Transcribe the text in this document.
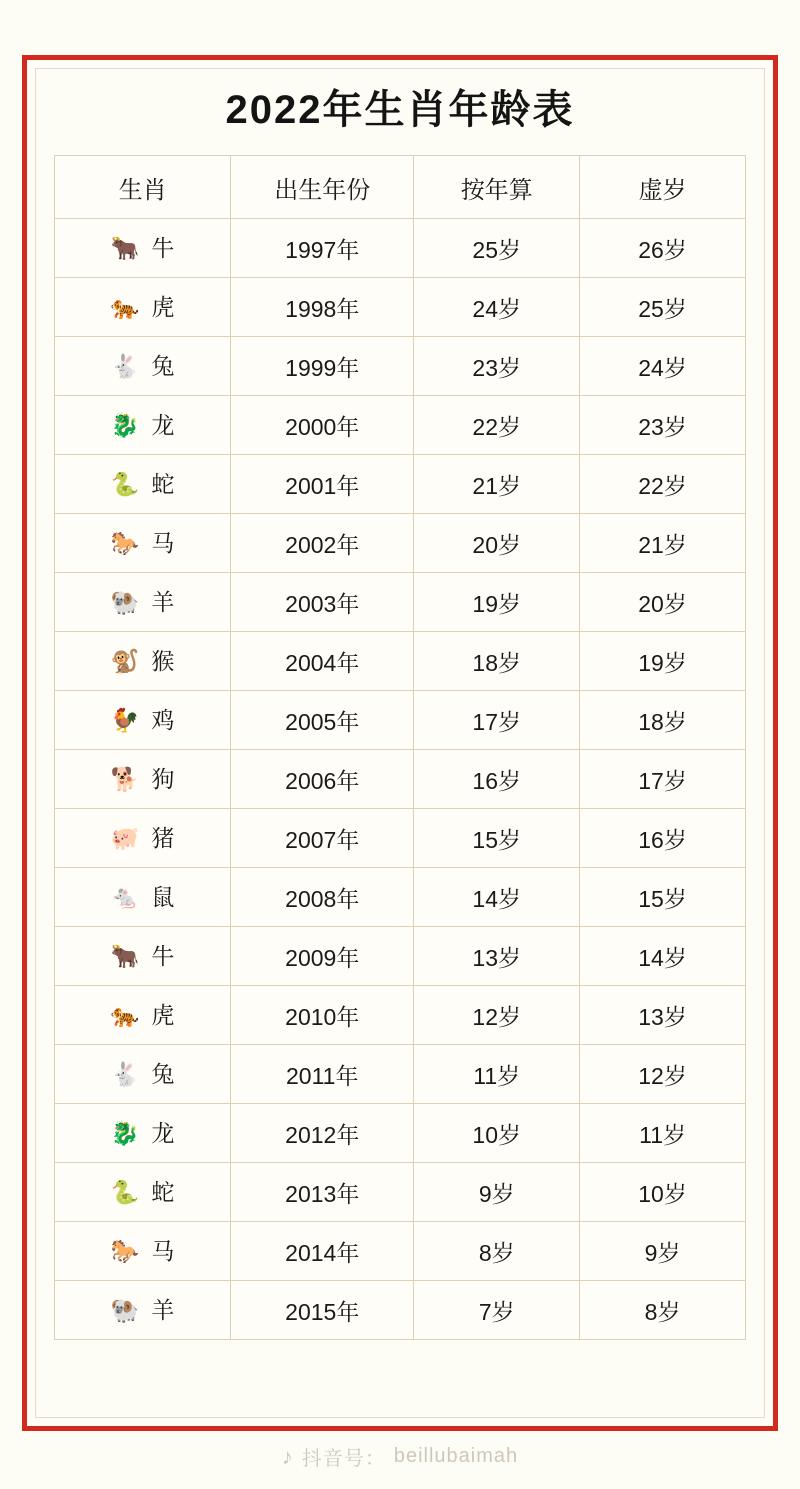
2022年生肖年龄表
生肖	出生年份	按年算	虚岁

🐂 牛	1997年	25岁	26岁

🐅 虎	1998年	24岁	25岁

🐇 兔	1999年	23岁	24岁

🐉 龙	2000年	22岁	23岁

🐍 蛇	2001年	21岁	22岁

🐎 马	2002年	20岁	21岁

🐏 羊	2003年	19岁	20岁

🐒 猴	2004年	18岁	19岁

🐓 鸡	2005年	17岁	18岁

🐕 狗	2006年	16岁	17岁

🐖 猪	2007年	15岁	16岁

🐁 鼠	2008年	14岁	15岁

🐂 牛	2009年	13岁	14岁

🐅 虎	2010年	12岁	13岁

🐇 兔	2011年	11岁	12岁

🐉 龙	2012年	10岁	11岁

🐍 蛇	2013年	9岁	10岁

🐎 马	2014年	8岁	9岁

🐏 羊	2015年	7岁	8岁
♪ 抖音号： beillubaimah
